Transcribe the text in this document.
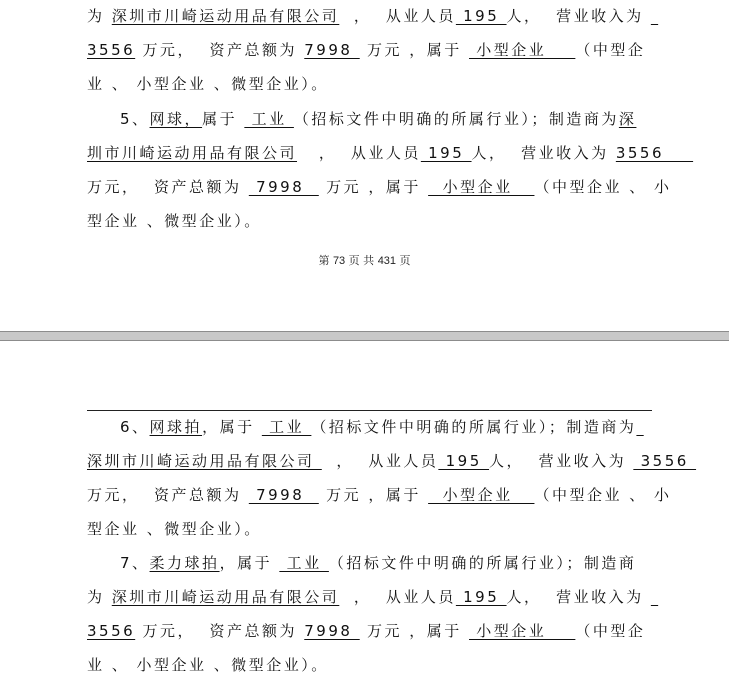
为 深圳市川崎运动用品有限公司  ，  从业人员 195 人，  营业收入为
3556 万元，  资产总额为 7998  万元 ，属于  小型企业    （中型企
业 、 小型企业 、微型企业）。
5、网球，属于  工业 （招标文件中明确的所属行业）；制造商为深
圳市川崎运动用品有限公司   ，  从业人员 195 人，  营业收入为 3556
万元，  资产总额为  7998   万元 ，属于   小型企业   （中型企业 、 小
型企业 、微型企业）。
第 73 页 共 431 页
6、网球拍，属于  工业 （招标文件中明确的所属行业）；制造商为
深圳市川崎运动用品有限公司   ，  从业人员 195 人，  营业收入为  3556
万元，  资产总额为  7998   万元 ，属于   小型企业   （中型企业 、 小
型企业 、微型企业）。
7、柔力球拍，属于  工业 （招标文件中明确的所属行业）；制造商
为 深圳市川崎运动用品有限公司  ，  从业人员 195 人，  营业收入为
3556 万元，  资产总额为 7998  万元 ，属于  小型企业    （中型企
业 、 小型企业 、微型企业）。
